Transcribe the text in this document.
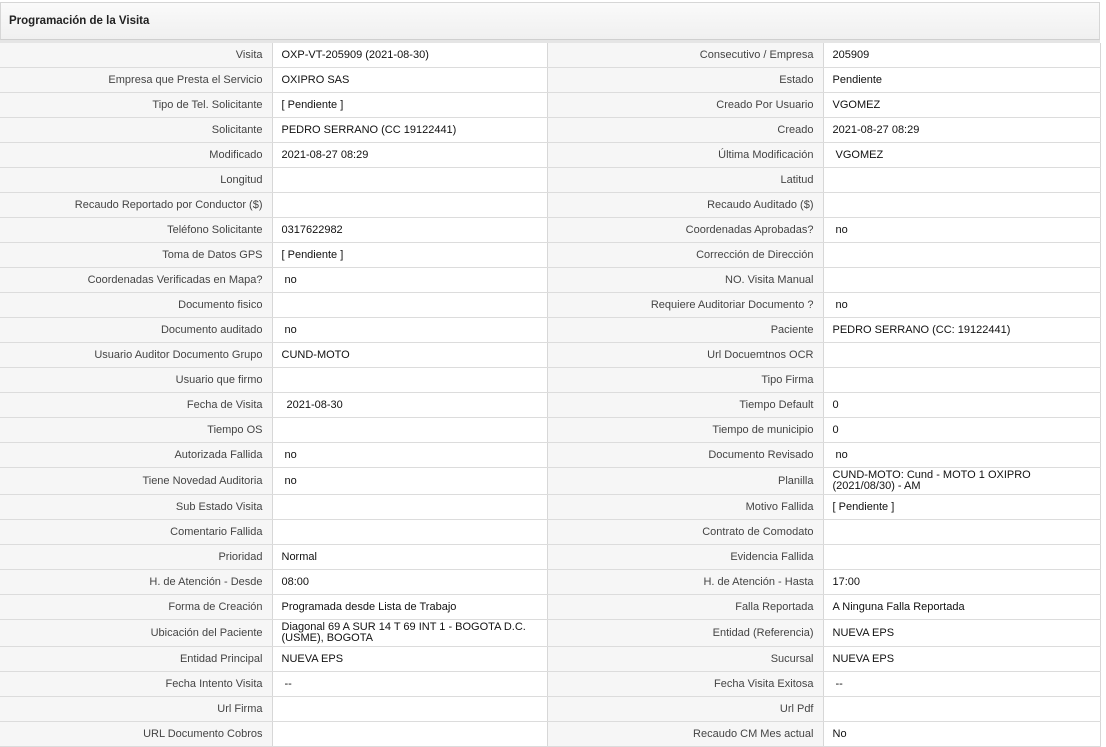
Programación de la Visita
Visita	OXP-VT-205909 (2021-08-30)	Consecutivo / Empresa	205909
Empresa que Presta el Servicio	OXIPRO SAS	Estado	Pendiente
Tipo de Tel. Solicitante	[ Pendiente ]	Creado Por Usuario	VGOMEZ
Solicitante	PEDRO SERRANO (CC 19122441)	Creado	2021-08-27 08:29
Modificado	2021-08-27 08:29	Última Modificación	VGOMEZ
Longitud		Latitud	
Recaudo Reportado por Conductor ($)		Recaudo Auditado ($)	
Teléfono Solicitante	0317622982	Coordenadas Aprobadas?	no
Toma de Datos GPS	[ Pendiente ]	Corrección de Dirección	
Coordenadas Verificadas en Mapa?	no	NO. Visita Manual	
Documento fisico		Requiere Auditoriar Documento ?	no
Documento auditado	no	Paciente	PEDRO SERRANO (CC: 19122441)
Usuario Auditor Documento Grupo	CUND-MOTO	Url Docuemtnos OCR	
Usuario que firmo		Tipo Firma	
Fecha de Visita	2021-08-30	Tiempo Default	0
Tiempo OS		Tiempo de municipio	0
Autorizada Fallida	no	Documento Revisado	no
Tiene Novedad Auditoria	no	Planilla	CUND-MOTO: Cund - MOTO 1 OXIPRO (2021/08/30) - AM
Sub Estado Visita		Motivo Fallida	[ Pendiente ]
Comentario Fallida		Contrato de Comodato	
Prioridad	Normal	Evidencia Fallida	
H. de Atención - Desde	08:00	H. de Atención - Hasta	17:00
Forma de Creación	Programada desde Lista de Trabajo	Falla Reportada	A Ninguna Falla Reportada
Ubicación del Paciente	Diagonal 69 A SUR 14 T 69 INT 1 - BOGOTA D.C. (USME), BOGOTA	Entidad (Referencia)	NUEVA EPS
Entidad Principal	NUEVA EPS	Sucursal	NUEVA EPS
Fecha Intento Visita	--	Fecha Visita Exitosa	--
Url Firma		Url Pdf	
URL Documento Cobros		Recaudo CM Mes actual	No
